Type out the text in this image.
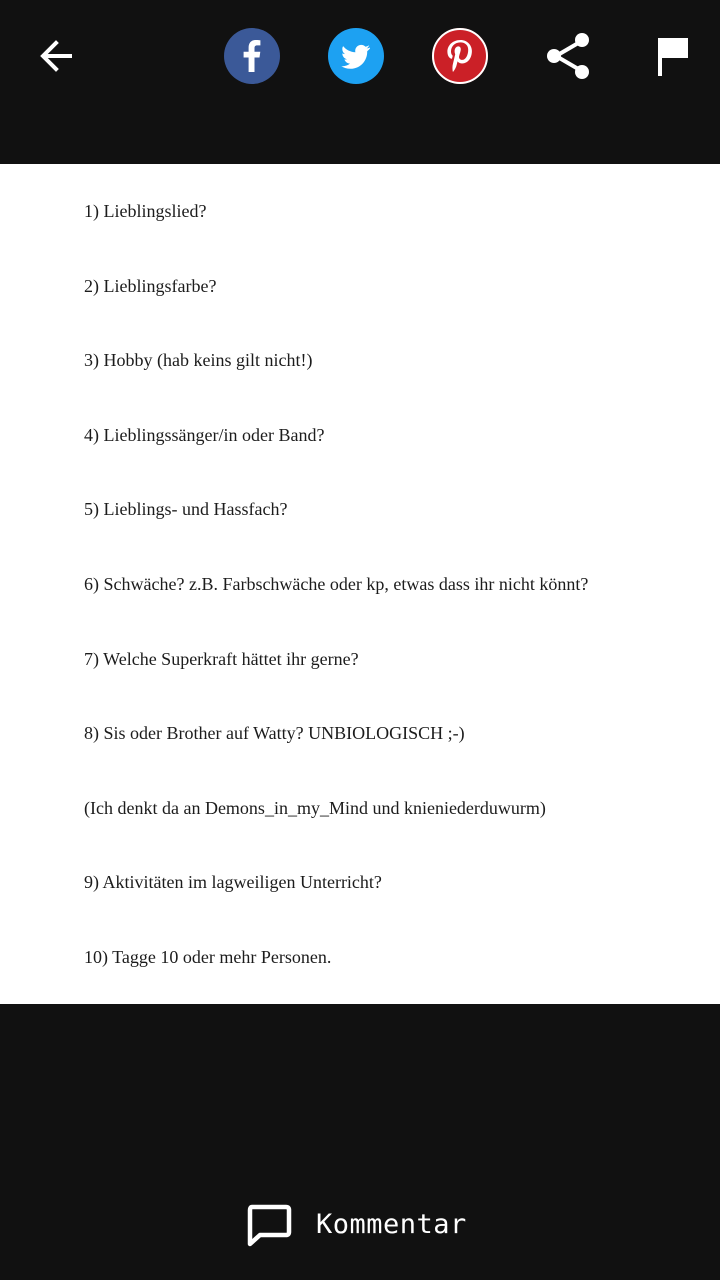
1) Lieblingslied?
2) Lieblingsfarbe?
3) Hobby (hab keins gilt nicht!)
4) Lieblingssänger/in oder Band?
5) Lieblings- und Hassfach?
6) Schwäche? z.B. Farbschwäche oder kp, etwas dass ihr nicht könnt?
7) Welche Superkraft hättet ihr gerne?
8) Sis oder Brother auf Watty? UNBIOLOGISCH ;-)
(Ich denkt da an Demons_in_my_Mind und knieniederduwurm)
9) Aktivitäten im lagweiligen Unterricht?
10) Tagge 10 oder mehr Personen.
Kommentar
